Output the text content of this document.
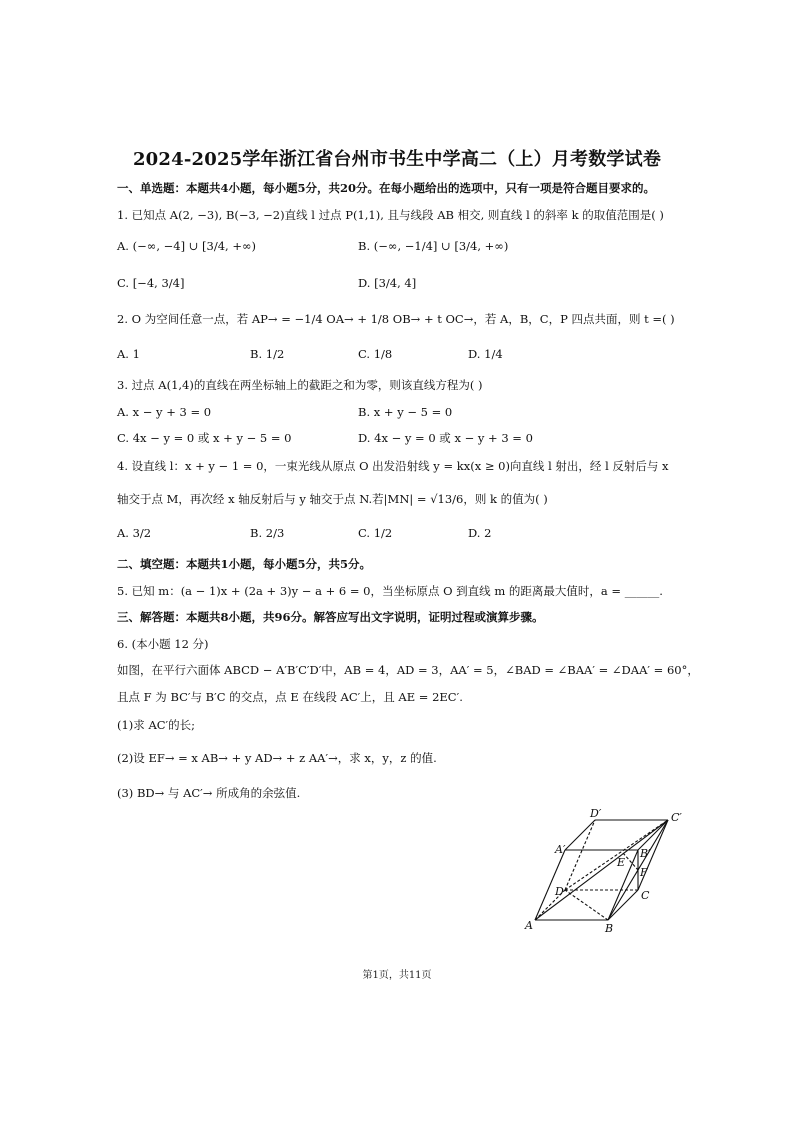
2024-2025学年浙江省台州市书生中学高二（上）月考数学试卷
一、单选题：本题共4小题，每小题5分，共20分。在每小题给出的选项中，只有一项是符合题目要求的。
1. 已知点 A(2, −3), B(−3, −2)直线 l 过点 P(1,1), 且与线段 AB 相交, 则直线 l 的斜率 k 的取值范围是( )
A. (−∞, −4] ∪ [3/4, +∞)	B. (−∞, −1/4] ∪ [3/4, +∞)
C. [−4, 3/4]	D. [3/4, 4]
2. O 为空间任意一点，若 AP→ = −1/4 OA→ + 1/8 OB→ + t OC→，若 A，B，C，P 四点共面，则 t =( )
A. 1	B. 1/2	C. 1/8	D. 1/4
3. 过点 A(1,4)的直线在两坐标轴上的截距之和为零，则该直线方程为( )
A. x − y + 3 = 0	B. x + y − 5 = 0
C. 4x − y = 0 或 x + y − 5 = 0	D. 4x − y = 0 或 x − y + 3 = 0
4. 设直线 l：x + y − 1 = 0，一束光线从原点 O 出发沿射线 y = kx(x ≥ 0)向直线 l 射出，经 l 反射后与 x
轴交于点 M，再次经 x 轴反射后与 y 轴交于点 N.若|MN| = √13/6，则 k 的值为( )
A. 3/2	B. 2/3	C. 1/2	D. 2
二、填空题：本题共1小题，每小题5分，共5分。
5. 已知 m：(a − 1)x + (2a + 3)y − a + 6 = 0，当坐标原点 O 到直线 m 的距离最大值时，a = ______.
三、解答题：本题共8小题，共96分。解答应写出文字说明，证明过程或演算步骤。
6. (本小题 12 分)
如图，在平行六面体 ABCD − A′B′C′D′中，AB = 4，AD = 3，AA′ = 5，∠BAD = ∠BAA′ = ∠DAA′ = 60°，
且点 F 为 BC′与 B′C 的交点，点 E 在线段 AC′上，且 AE = 2EC′.
(1)求 AC′的长;
(2)设 EF→ = x AB→ + y AD→ + z AA′→，求 x，y，z 的值.
(3) BD→ 与 AC′→ 所成角的余弦值.
D′	C′
A′
E
B′
F
D	C
A	B
第1页，共11页
